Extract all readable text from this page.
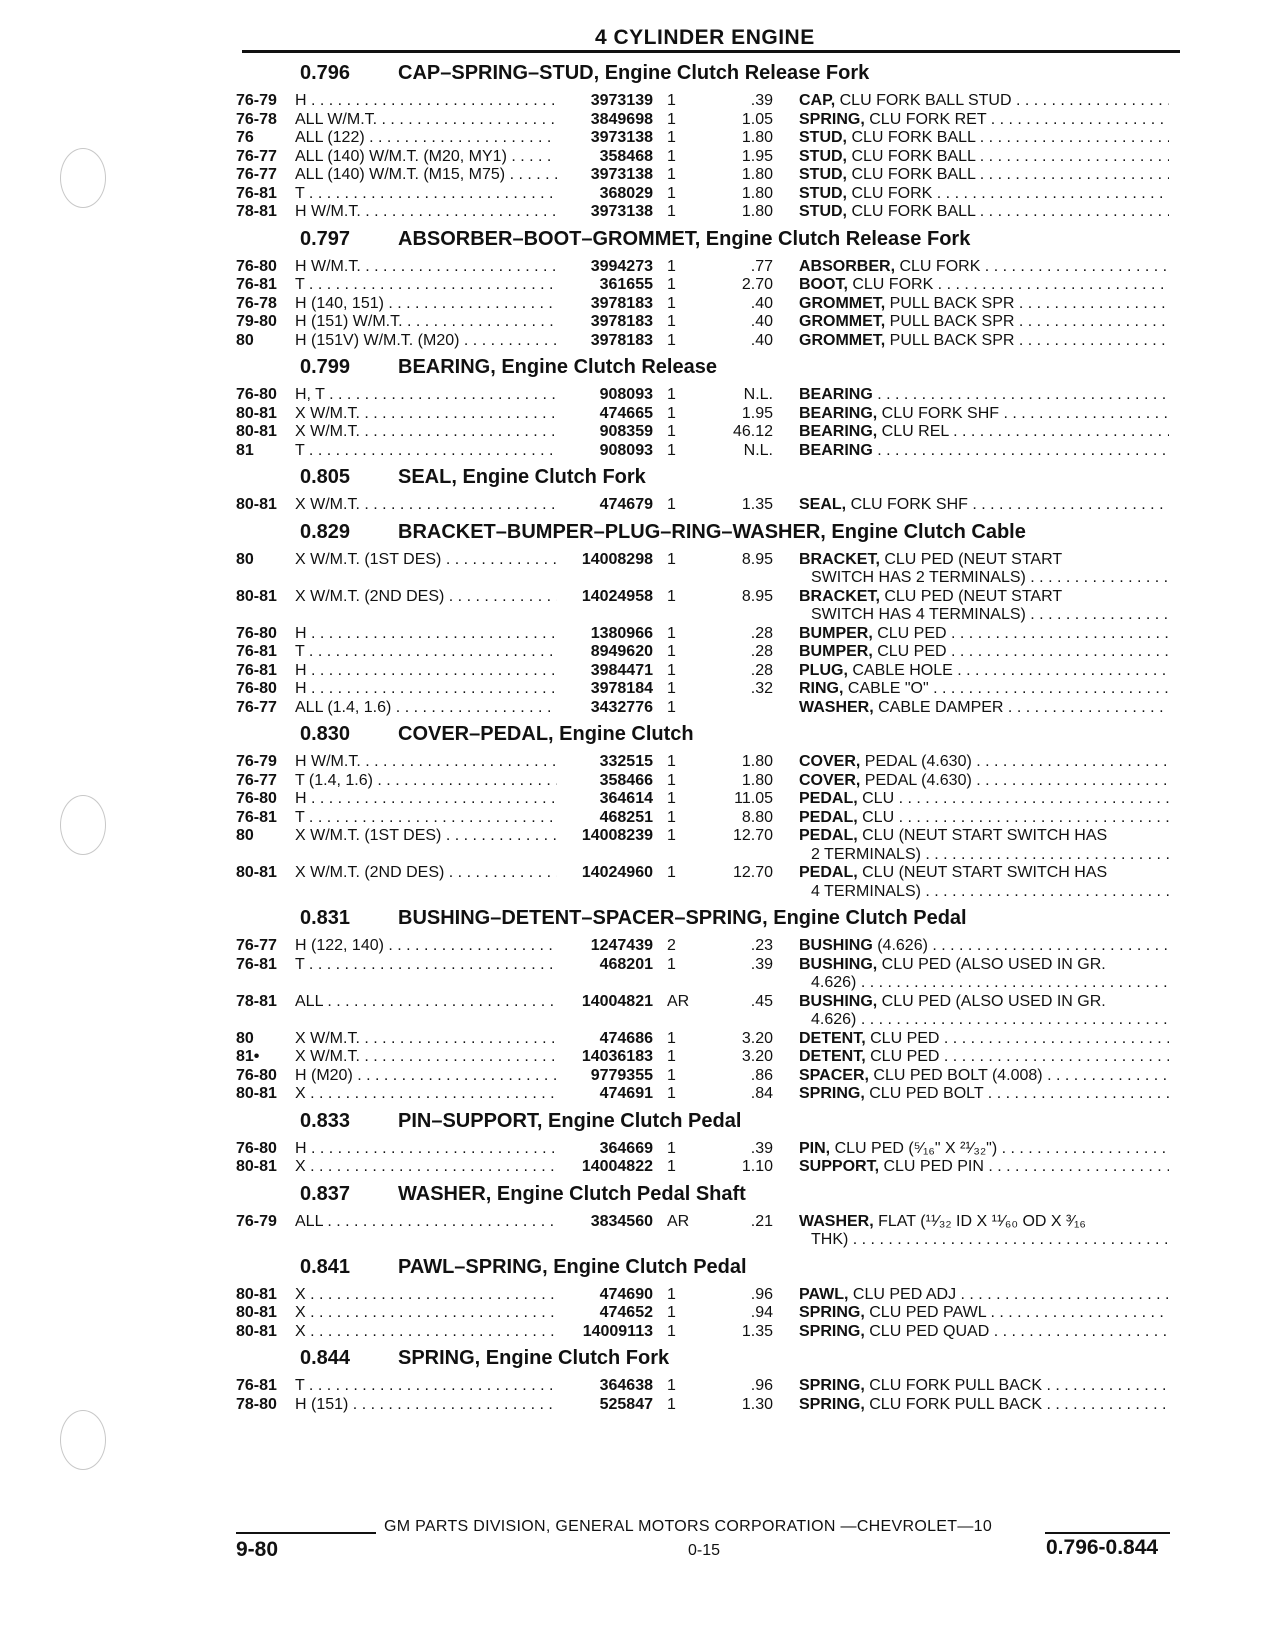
4 CYLINDER ENGINE
0.796	CAP–SPRING–STUD, Engine Clutch Release Fork
76-79	H . . .	3973139 1	.39 CAP, CLU FORK BALL STUD . . .
76-78	ALL W/M.T. . . .	3849698 1	1.05 SPRING, CLU FORK RET . . .
76	ALL (122) . . .	3973138 1	1.80 STUD, CLU FORK BALL . . .
76-77	ALL (140) W/M.T. (M20, MY1) . . .	358468 1	1.95 STUD, CLU FORK BALL . . .
76-77	ALL (140) W/M.T. (M15, M75) . . .	3973138 1	1.80 STUD, CLU FORK BALL . . .
76-81	T . . .	368029 1	1.80 STUD, CLU FORK . . .
78-81	H W/M.T. . . .	3973138 1	1.80 STUD, CLU FORK BALL . . .
0.797	ABSORBER–BOOT–GROMMET, Engine Clutch Release Fork
76-80	H W/M.T. . . .	3994273 1	.77 ABSORBER, CLU FORK . . .
76-81	T . . .	361655 1	2.70 BOOT, CLU FORK . . .
76-78	H (140, 151) . . .	3978183 1	.40 GROMMET, PULL BACK SPR . . .
79-80	H (151) W/M.T. . . .	3978183 1	.40 GROMMET, PULL BACK SPR . . .
80	H (151V) W/M.T. (M20) . . .	3978183 1	.40 GROMMET, PULL BACK SPR . . .
0.799	BEARING, Engine Clutch Release
76-80	H, T . . .	908093 1	N.L. BEARING . . .
80-81	X W/M.T. . . .	474665 1	1.95 BEARING, CLU FORK SHF . . .
80-81	X W/M.T. . . .	908359 1	46.12 BEARING, CLU REL . . .
81	T . . .	908093 1	N.L. BEARING . . .
0.805	SEAL, Engine Clutch Fork
80-81	X W/M.T. . . .	474679 1	1.35 SEAL, CLU FORK SHF . . .
0.829	BRACKET–BUMPER–PLUG–RING–WASHER, Engine Clutch Cable
80	X W/M.T. (1ST DES) . . .	14008298 1	8.95 BRACKET, CLU PED (NEUT START
SWITCH HAS 2 TERMINALS) . . .
80-81	X W/M.T. (2ND DES) . . .	14024958 1	8.95 BRACKET, CLU PED (NEUT START
SWITCH HAS 4 TERMINALS) . . .
76-80	H . . .	1380966 1	.28 BUMPER, CLU PED . . .
76-81	T . . .	8949620 1	.28 BUMPER, CLU PED . . .
76-81	H . . .	3984471 1	.28 PLUG, CABLE HOLE . . .
76-80	H . . .	3978184 1	.32 RING, CABLE "O" . . .
76-77	ALL (1.4, 1.6) . . .	3432776 1	WASHER, CABLE DAMPER . . .
0.830	COVER–PEDAL, Engine Clutch
76-79	H W/M.T. . . .	332515 1	1.80 COVER, PEDAL (4.630) . . .
76-77	T (1.4, 1.6) . . .	358466 1	1.80 COVER, PEDAL (4.630) . . .
76-80	H . . .	364614 1	11.05 PEDAL, CLU . . .
76-81	T . . .	468251 1	8.80 PEDAL, CLU . . .
80	X W/M.T. (1ST DES) . . .	14008239 1	12.70 PEDAL, CLU (NEUT START SWITCH HAS
2 TERMINALS) . . .
80-81	X W/M.T. (2ND DES) . . .	14024960 1	12.70 PEDAL, CLU (NEUT START SWITCH HAS
4 TERMINALS) . . .
0.831	BUSHING–DETENT–SPACER–SPRING, Engine Clutch Pedal
76-77	H (122, 140) . . .	1247439 2	.23 BUSHING (4.626) . . .
76-81	T . . .	468201 1	.39 BUSHING, CLU PED (ALSO USED IN GR.
4.626) . . .
78-81	ALL . . .	14004821 AR	.45 BUSHING, CLU PED (ALSO USED IN GR.
4.626) . . .
80	X W/M.T. . . .	474686 1	3.20 DETENT, CLU PED . . .
81•	X W/M.T. . . .	14036183 1	3.20 DETENT, CLU PED . . .
76-80	H (M20) . . .	9779355 1	.86 SPACER, CLU PED BOLT (4.008) . . .
80-81	X . . .	474691 1	.84 SPRING, CLU PED BOLT . . .
0.833	PIN–SUPPORT, Engine Clutch Pedal
76-80	H . . .	364669 1	.39 PIN, CLU PED (⁵⁄₁₆" X ²¹⁄₃₂") . . .
80-81	X . . .	14004822 1	1.10 SUPPORT, CLU PED PIN . . .
0.837	WASHER, Engine Clutch Pedal Shaft
76-79	ALL . . .	3834560 AR	.21 WASHER, FLAT (¹¹⁄₃₂ ID X ¹¹⁄₆₀ OD X ³⁄₁₆
THK) . . .
0.841	PAWL–SPRING, Engine Clutch Pedal
80-81	X . . .	474690 1	.96 PAWL, CLU PED ADJ . . .
80-81	X . . .	474652 1	.94 SPRING, CLU PED PAWL . . .
80-81	X . . .	14009113 1	1.35 SPRING, CLU PED QUAD . . .
0.844	SPRING, Engine Clutch Fork
76-81	T . . .	364638 1	.96 SPRING, CLU FORK PULL BACK . . .
78-80	H (151) . . .	525847 1	1.30 SPRING, CLU FORK PULL BACK . . .
GM PARTS DIVISION, GENERAL MOTORS CORPORATION —CHEVROLET—10
9-80	0-15	0.796-0.844
